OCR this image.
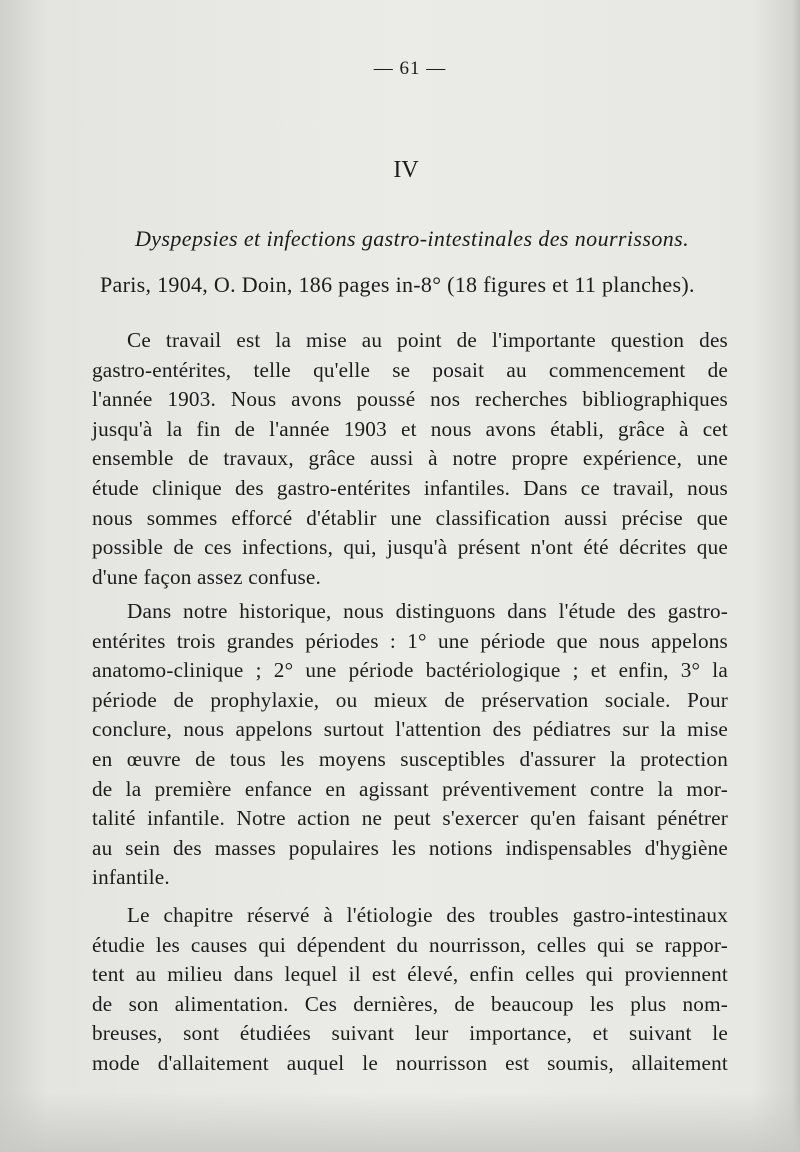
— 61 —
IV
Dyspepsies et infections gastro-intestinales des nourrissons.
Paris, 1904, O. Doin, 186 pages in-8° (18 figures et 11 planches).
Ce travail est la mise au point de l'importante question des
gastro-entérites, telle qu'elle se posait au commencement de
l'année 1903. Nous avons poussé nos recherches bibliographiques
jusqu'à la fin de l'année 1903 et nous avons établi, grâce à cet
ensemble de travaux, grâce aussi à notre propre expérience, une
étude clinique des gastro-entérites infantiles. Dans ce travail, nous
nous sommes efforcé d'établir une classification aussi précise que
possible de ces infections, qui, jusqu'à présent n'ont été décrites que
d'une façon assez confuse.
Dans notre historique, nous distinguons dans l'étude des gastro-
entérites trois grandes périodes : 1° une période que nous appelons
anatomo-clinique ; 2° une période bactériologique ; et enfin, 3° la
période de prophylaxie, ou mieux de préservation sociale. Pour
conclure, nous appelons surtout l'attention des pédiatres sur la mise
en œuvre de tous les moyens susceptibles d'assurer la protection
de la première enfance en agissant préventivement contre la mor-
talité infantile. Notre action ne peut s'exercer qu'en faisant pénétrer
au sein des masses populaires les notions indispensables d'hygiène
infantile.
Le chapitre réservé à l'étiologie des troubles gastro-intestinaux
étudie les causes qui dépendent du nourrisson, celles qui se rappor-
tent au milieu dans lequel il est élevé, enfin celles qui proviennent
de son alimentation. Ces dernières, de beaucoup les plus nom-
breuses, sont étudiées suivant leur importance, et suivant le
mode d'allaitement auquel le nourrisson est soumis, allaitement
